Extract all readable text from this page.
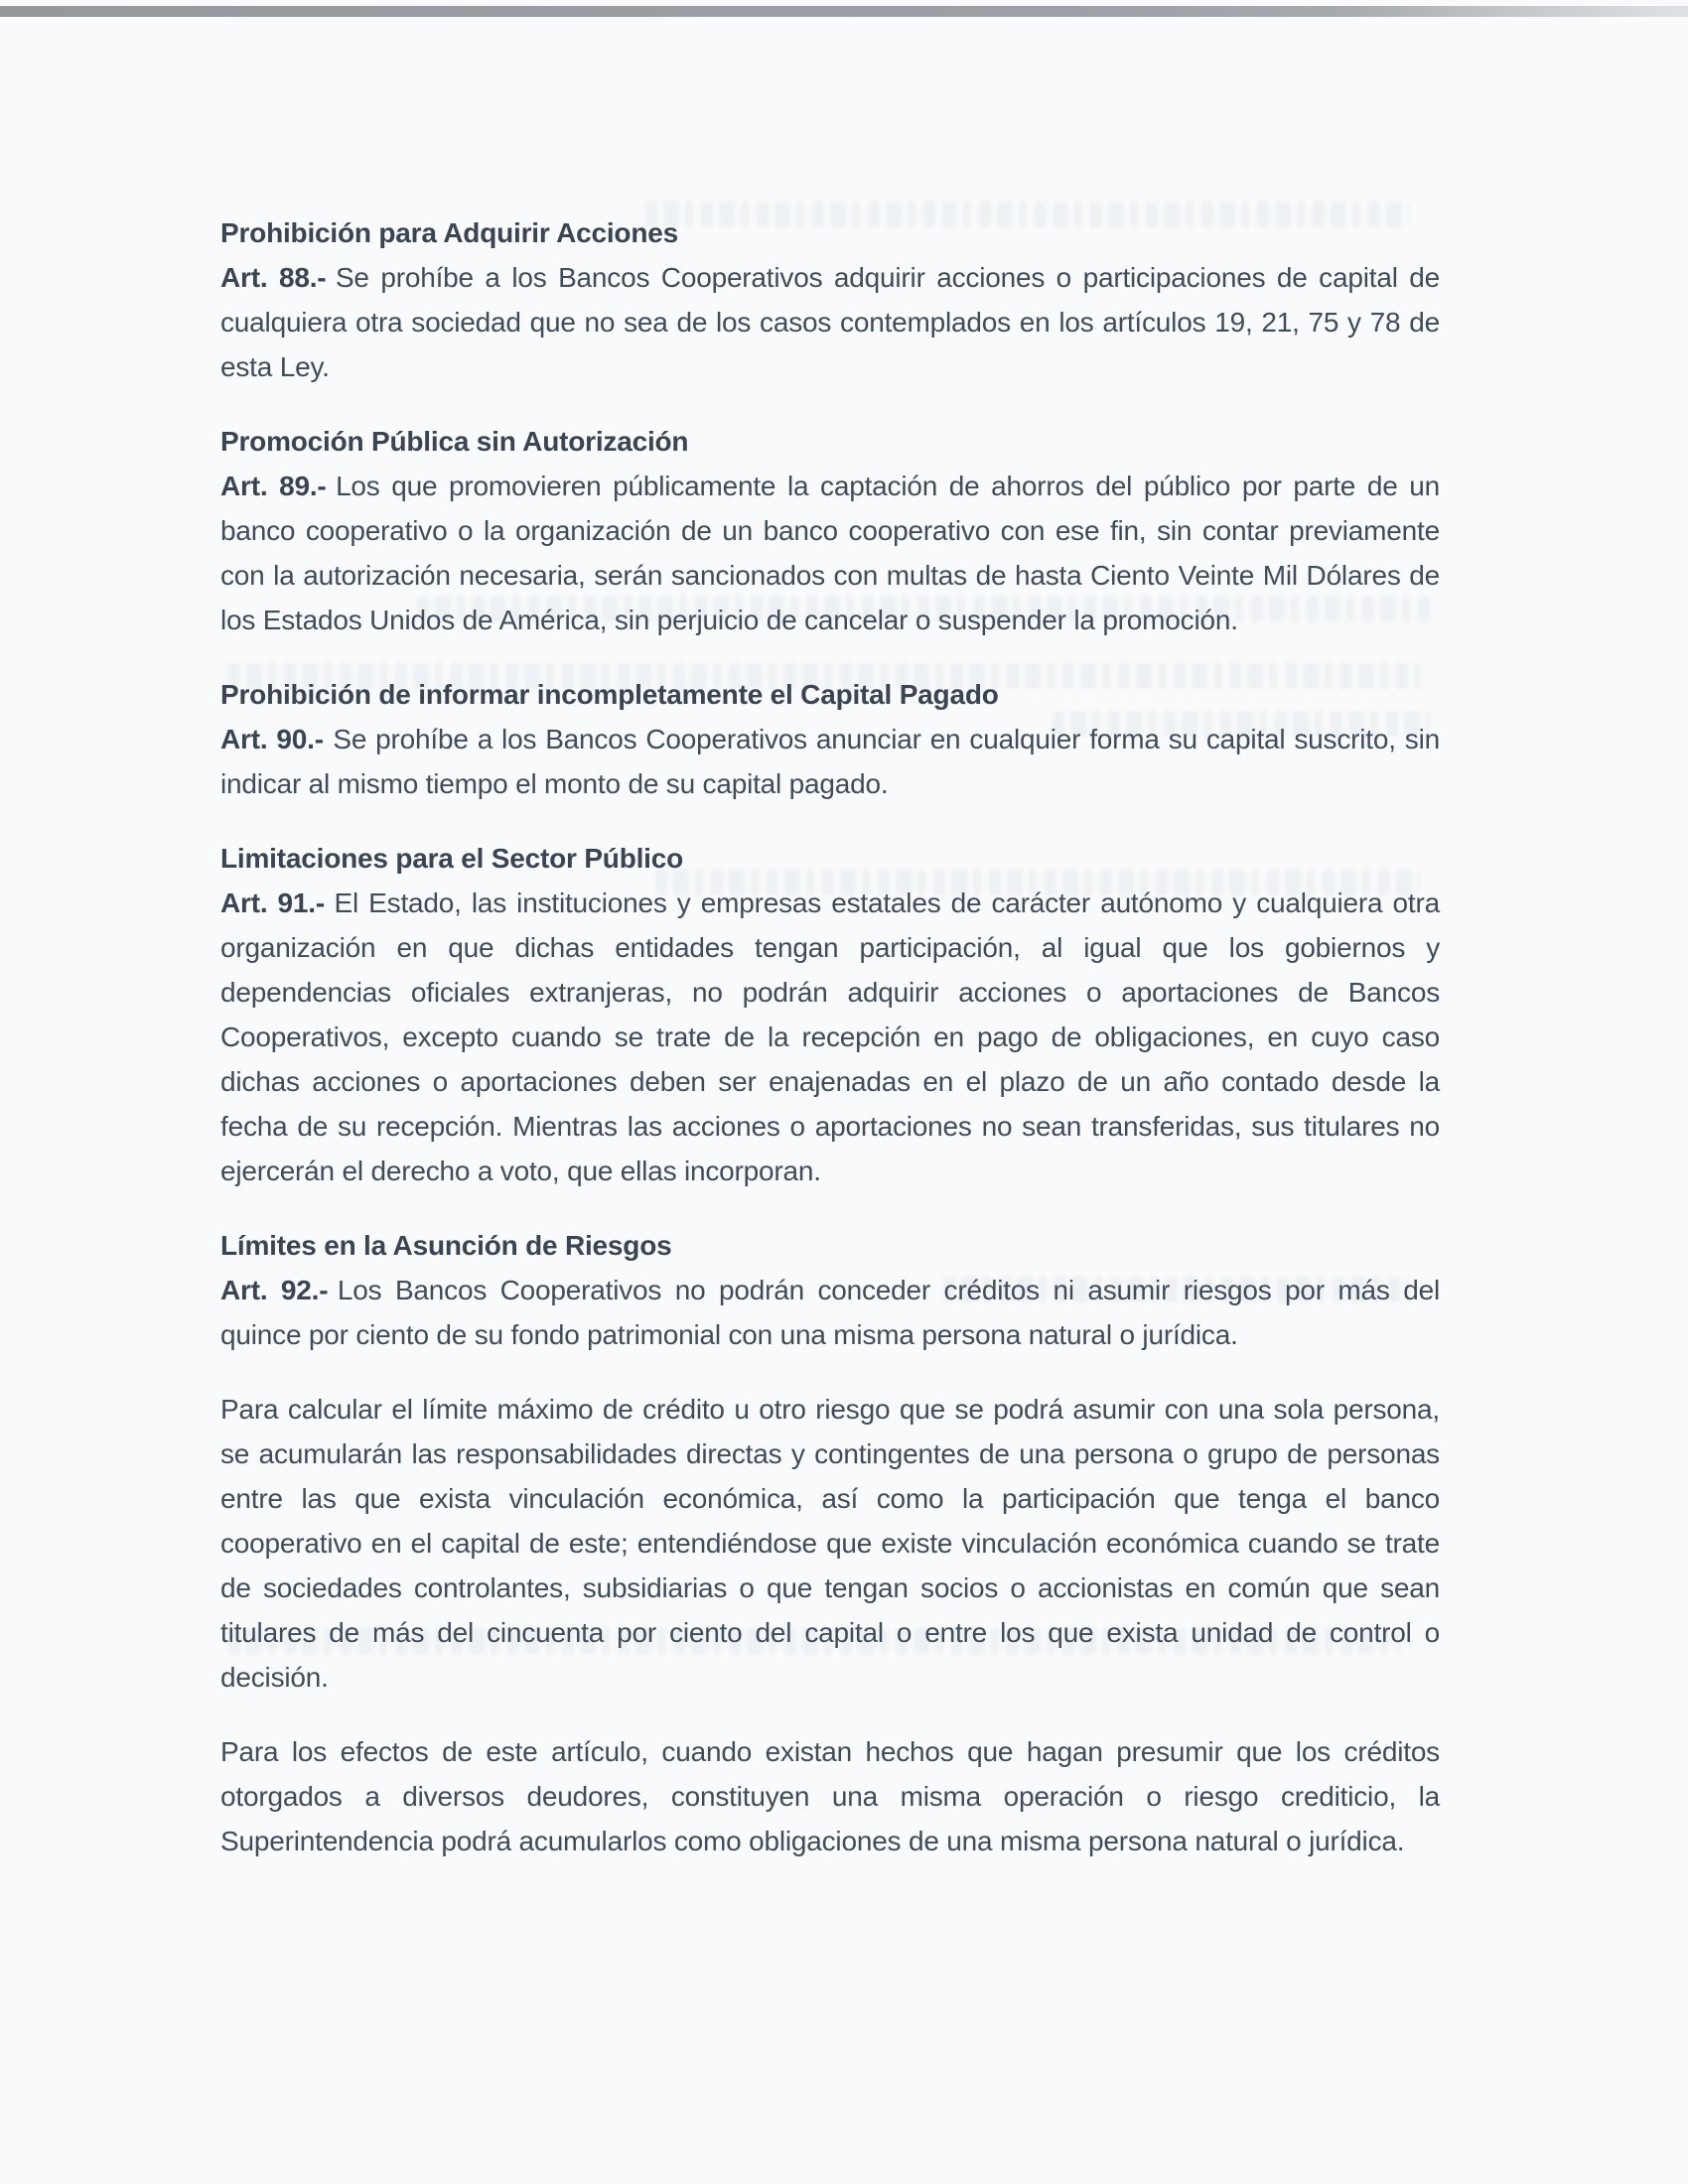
Prohibición para Adquirir Acciones

Art. 88.- Se prohíbe a los Bancos Cooperativos adquirir acciones o participaciones de capital de cualquiera otra sociedad que no sea de los casos contemplados en los artículos 19, 21, 75 y 78 de esta Ley.

Promoción Pública sin Autorización

Art. 89.- Los que promovieren públicamente la captación de ahorros del público por parte de un banco cooperativo o la organización de un banco cooperativo con ese fin, sin contar previamente con la autorización necesaria, serán sancionados con multas de hasta Ciento Veinte Mil Dólares de los Estados Unidos de América, sin perjuicio de cancelar o suspender la promoción.

Prohibición de informar incompletamente el Capital Pagado

Art. 90.- Se prohíbe a los Bancos Cooperativos anunciar en cualquier forma su capital suscrito, sin indicar al mismo tiempo el monto de su capital pagado.

Limitaciones para el Sector Público

Art. 91.- El Estado, las instituciones y empresas estatales de carácter autónomo y cualquiera otra organización en que dichas entidades tengan participación, al igual que los gobiernos y dependencias oficiales extranjeras, no podrán adquirir acciones o aportaciones de Bancos Cooperativos, excepto cuando se trate de la recepción en pago de obligaciones, en cuyo caso dichas acciones o aportaciones deben ser enajenadas en el plazo de un año contado desde la fecha de su recepción. Mientras las acciones o aportaciones no sean transferidas, sus titulares no ejercerán el derecho a voto, que ellas incorporan.

Límites en la Asunción de Riesgos

Art. 92.- Los Bancos Cooperativos no podrán conceder créditos ni asumir riesgos por más del quince por ciento de su fondo patrimonial con una misma persona natural o jurídica.

Para calcular el límite máximo de crédito u otro riesgo que se podrá asumir con una sola persona, se acumularán las responsabilidades directas y contingentes de una persona o grupo de personas entre las que exista vinculación económica, así como la participación que tenga el banco cooperativo en el capital de este; entendiéndose que existe vinculación económica cuando se trate de sociedades controlantes, subsidiarias o que tengan socios o accionistas en común que sean titulares de más del cincuenta por ciento del capital o entre los que exista unidad de control o decisión.

Para los efectos de este artículo, cuando existan hechos que hagan presumir que los créditos otorgados a diversos deudores, constituyen una misma operación o riesgo crediticio, la Superintendencia podrá acumularlos como obligaciones de una misma persona natural o jurídica.
